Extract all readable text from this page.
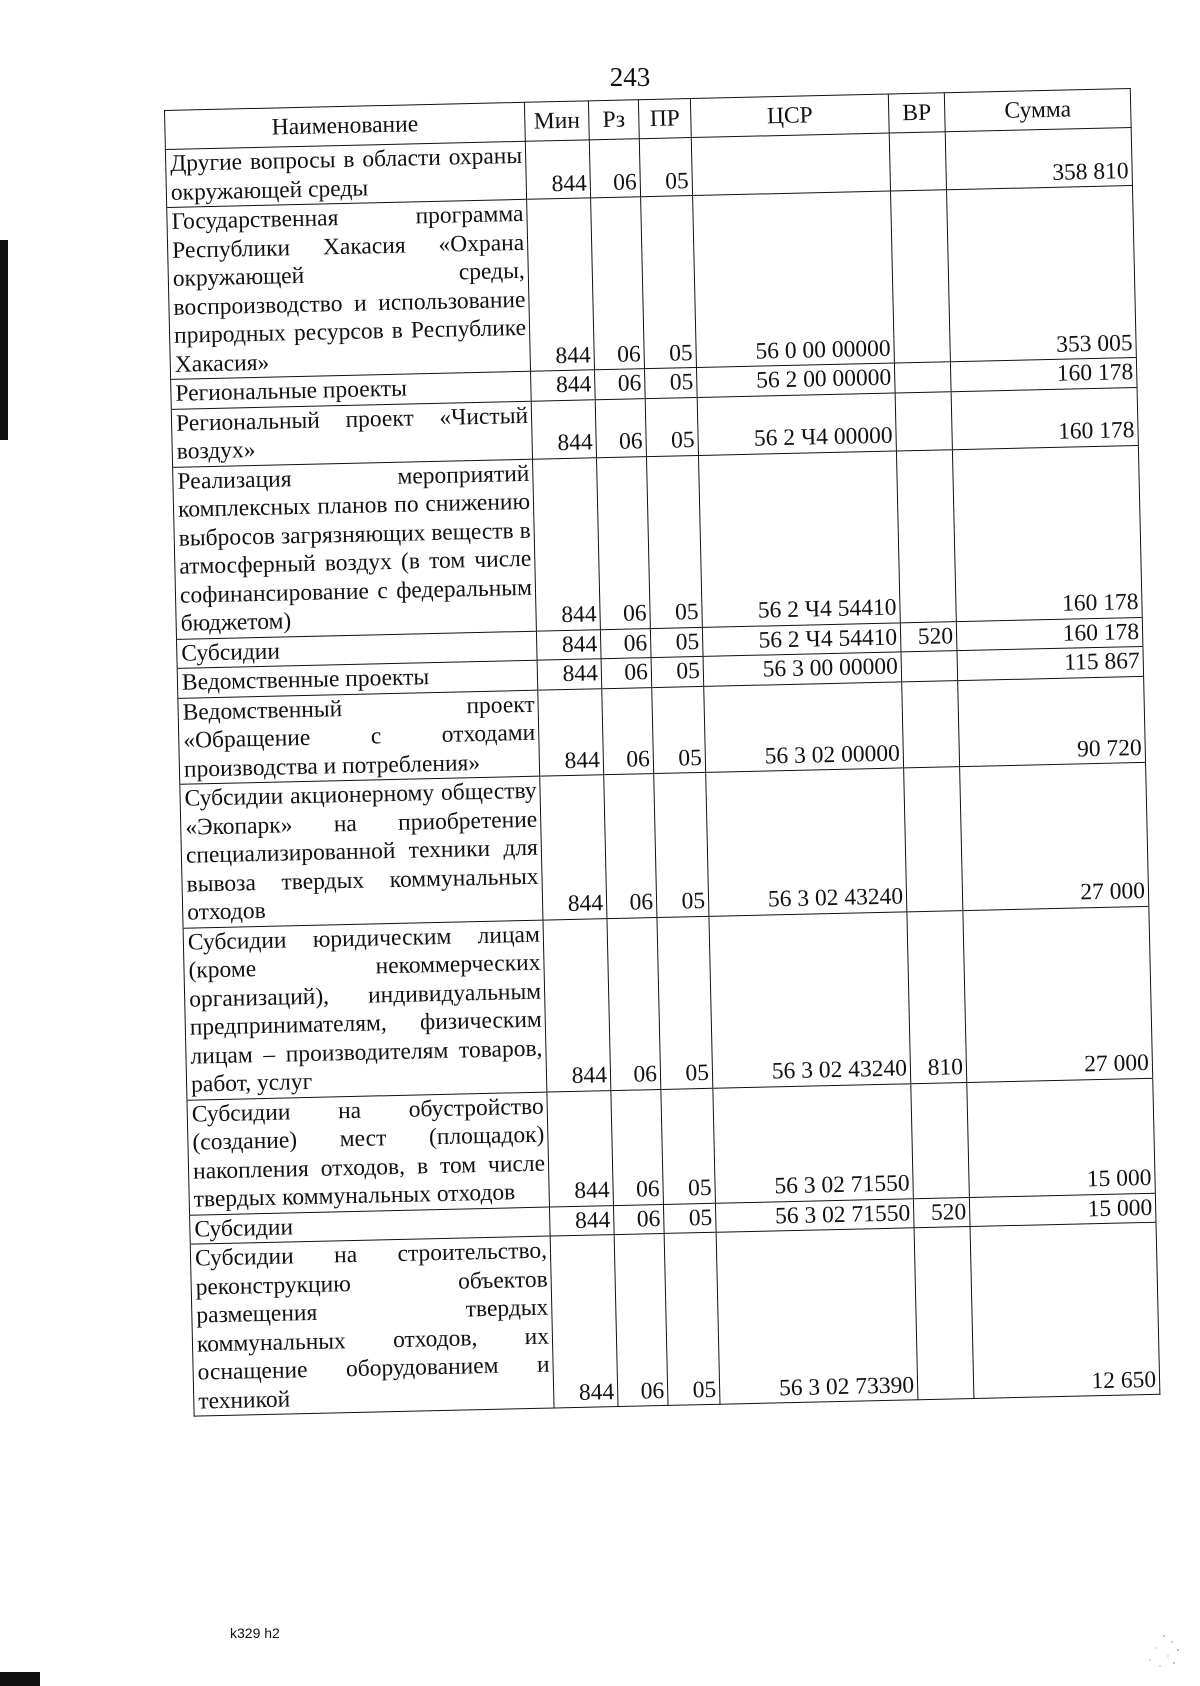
243
Наименование	Мин	Рз	ПР	ЦСР	ВР	Сумма
Другие вопросы в области охраны окружающей среды	844	06	05			358 810
Государственная программа Республики Хакасия «Охрана окружающей среды, воспроизводство и использование природных ресурсов в Республике Хакасия»	844	06	05	56 0 00 00000		353 005
Региональные проекты	844	06	05	56 2 00 00000		160 178
Региональный проект «Чистый воздух»	844	06	05	56 2 Ч4 00000		160 178
Реализация мероприятий комплексных планов по снижению выбросов загрязняющих веществ в атмосферный воздух (в том числе софинансирование с федеральным бюджетом)	844	06	05	56 2 Ч4 54410		160 178
Субсидии	844	06	05	56 2 Ч4 54410	520	160 178
Ведомственные проекты	844	06	05	56 3 00 00000		115 867
Ведомственный проект «Обращение с отходами производства и потребления»	844	06	05	56 3 02 00000		90 720
Субсидии акционерному обществу «Экопарк» на приобретение специализированной техники для вывоза твердых коммунальных отходов	844	06	05	56 3 02 43240		27 000
Субсидии юридическим лицам (кроме некоммерческих организаций), индивидуальным предпринимателям, физическим лицам – производителям товаров, работ, услуг	844	06	05	56 3 02 43240	810	27 000
Субсидии на обустройство (создание) мест (площадок) накопления отходов, в том числе твердых коммунальных отходов	844	06	05	56 3 02 71550		15 000
Субсидии	844	06	05	56 3 02 71550	520	15 000
Субсидии на строительство, реконструкцию объектов размещения твердых коммунальных отходов, их оснащение оборудованием и техникой	844	06	05	56 3 02 73390		12 650
k329 h2
